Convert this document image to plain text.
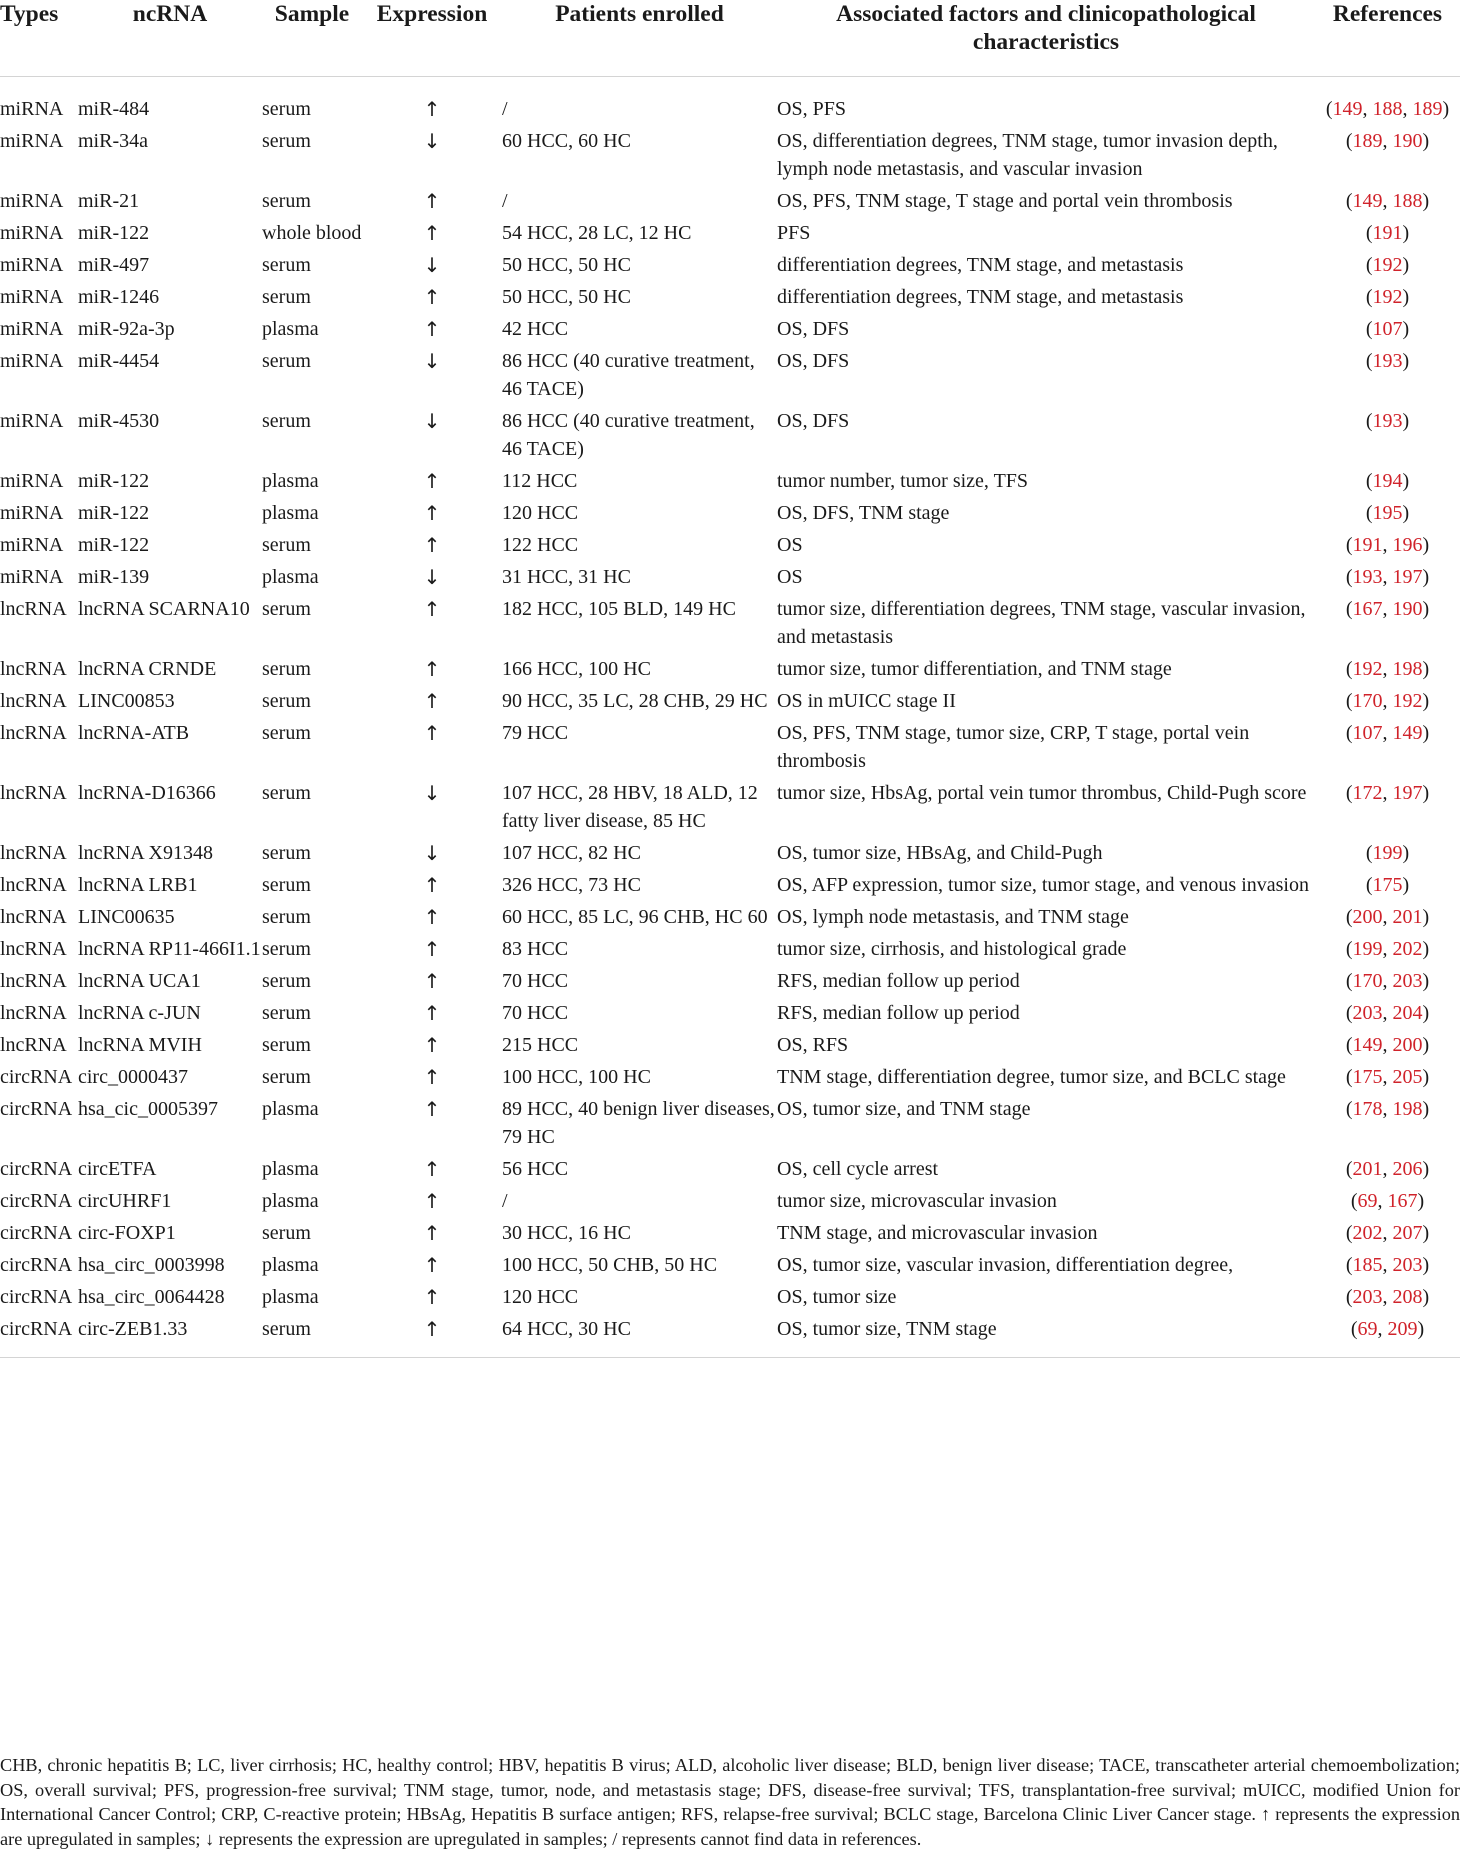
Types	ncRNA	Sample	Expression	Patients enrolled	Associated factors and clinicopathological characteristics	References
miRNA	miR-484	serum	↑	/	OS, PFS	(149, 188, 189)
miRNA	miR-34a	serum	↓	60 HCC, 60 HC	OS, differentiation degrees, TNM stage, tumor invasion depth, lymph node metastasis, and vascular invasion	(189, 190)
miRNA	miR-21	serum	↑	/	OS, PFS, TNM stage, T stage and portal vein thrombosis	(149, 188)
miRNA	miR-122	whole blood	↑	54 HCC, 28 LC, 12 HC	PFS	(191)
miRNA	miR-497	serum	↓	50 HCC, 50 HC	differentiation degrees, TNM stage, and metastasis	(192)
miRNA	miR-1246	serum	↑	50 HCC, 50 HC	differentiation degrees, TNM stage, and metastasis	(192)
miRNA	miR-92a-3p	plasma	↑	42 HCC	OS, DFS	(107)
miRNA	miR-4454	serum	↓	86 HCC (40 curative treatment, 46 TACE)	OS, DFS	(193)
miRNA	miR-4530	serum	↓	86 HCC (40 curative treatment, 46 TACE)	OS, DFS	(193)
miRNA	miR-122	plasma	↑	112 HCC	tumor number, tumor size, TFS	(194)
miRNA	miR-122	plasma	↑	120 HCC	OS, DFS, TNM stage	(195)
miRNA	miR-122	serum	↑	122 HCC	OS	(191, 196)
miRNA	miR-139	plasma	↓	31 HCC, 31 HC	OS	(193, 197)
lncRNA	lncRNA SCARNA10	serum	↑	182 HCC, 105 BLD, 149 HC	tumor size, differentiation degrees, TNM stage, vascular invasion, and metastasis	(167, 190)
lncRNA	lncRNA CRNDE	serum	↑	166 HCC, 100 HC	tumor size, tumor differentiation, and TNM stage	(192, 198)
lncRNA	LINC00853	serum	↑	90 HCC, 35 LC, 28 CHB, 29 HC	OS in mUICC stage II	(170, 192)
lncRNA	lncRNA-ATB	serum	↑	79 HCC	OS, PFS, TNM stage, tumor size, CRP, T stage, portal vein thrombosis	(107, 149)
lncRNA	lncRNA-D16366	serum	↓	107 HCC, 28 HBV, 18 ALD, 12 fatty liver disease, 85 HC	tumor size, HbsAg, portal vein tumor thrombus, Child-Pugh score	(172, 197)
lncRNA	lncRNA X91348	serum	↓	107 HCC, 82 HC	OS, tumor size, HBsAg, and Child-Pugh	(199)
lncRNA	lncRNA LRB1	serum	↑	326 HCC, 73 HC	OS, AFP expression, tumor size, tumor stage, and venous invasion	(175)
lncRNA	LINC00635	serum	↑	60 HCC, 85 LC, 96 CHB, HC 60	OS, lymph node metastasis, and TNM stage	(200, 201)
lncRNA	lncRNA RP11-466I1.1	serum	↑	83 HCC	tumor size, cirrhosis, and histological grade	(199, 202)
lncRNA	lncRNA UCA1	serum	↑	70 HCC	RFS, median follow up period	(170, 203)
lncRNA	lncRNA c-JUN	serum	↑	70 HCC	RFS, median follow up period	(203, 204)
lncRNA	lncRNA MVIH	serum	↑	215 HCC	OS, RFS	(149, 200)
circRNA	circ_0000437	serum	↑	100 HCC, 100 HC	TNM stage, differentiation degree, tumor size, and BCLC stage	(175, 205)
circRNA	hsa_cic_0005397	plasma	↑	89 HCC, 40 benign liver diseases, 79 HC	OS, tumor size, and TNM stage	(178, 198)
circRNA	circETFA	plasma	↑	56 HCC	OS, cell cycle arrest	(201, 206)
circRNA	circUHRF1	plasma	↑	/	tumor size, microvascular invasion	(69, 167)
circRNA	circ-FOXP1	serum	↑	30 HCC, 16 HC	TNM stage, and microvascular invasion	(202, 207)
circRNA	hsa_circ_0003998	plasma	↑	100 HCC, 50 CHB, 50 HC	OS, tumor size, vascular invasion, differentiation degree,	(185, 203)
circRNA	hsa_circ_0064428	plasma	↑	120 HCC	OS, tumor size	(203, 208)
circRNA	circ-ZEB1.33	serum	↑	64 HCC, 30 HC	OS, tumor size, TNM stage	(69, 209)
CHB, chronic hepatitis B; LC, liver cirrhosis; HC, healthy control; HBV, hepatitis B virus; ALD, alcoholic liver disease; BLD, benign liver disease; TACE, transcatheter arterial chemoembolization; OS, overall survival; PFS, progression-free survival; TNM stage, tumor, node, and metastasis stage; DFS, disease-free survival; TFS, transplantation-free survival; mUICC, modified Union for International Cancer Control; CRP, C-reactive protein; HBsAg, Hepatitis B surface antigen; RFS, relapse-free survival; BCLC stage, Barcelona Clinic Liver Cancer stage. ↑ represents the expression are upregulated in samples; ↓ represents the expression are upregulated in samples; / represents cannot find data in references.
